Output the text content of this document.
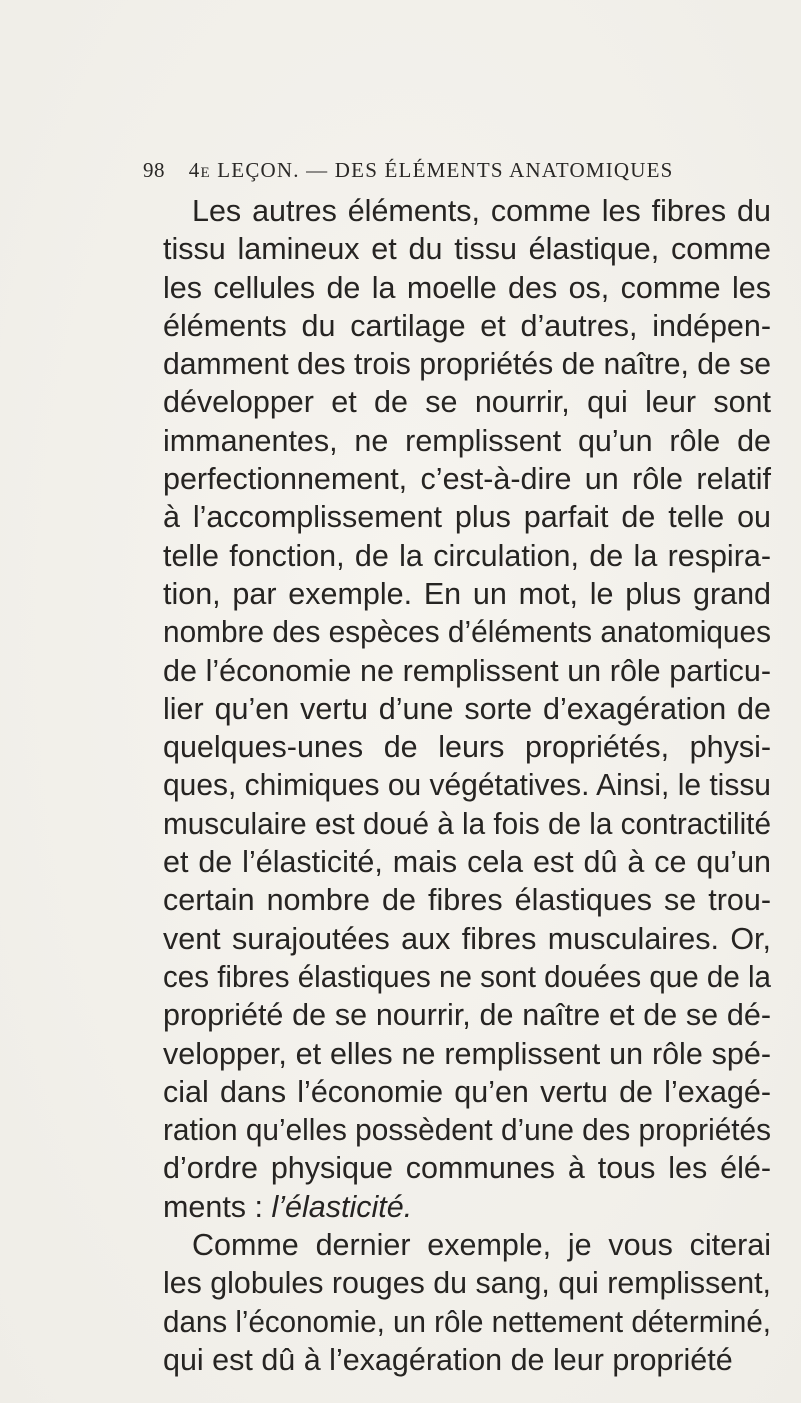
98 4e LEÇON. — DES ÉLÉMENTS ANATOMIQUES
Les autres éléments, comme les fibres du
tissu lamineux et du tissu élastique, comme
les cellules de la moelle des os, comme les
éléments du cartilage et d’autres, indépen-
damment des trois propriétés de naître, de se
développer et de se nourrir, qui leur sont
immanentes, ne remplissent qu’un rôle de
perfectionnement, c’est-à-dire un rôle relatif
à l’accomplissement plus parfait de telle ou
telle fonction, de la circulation, de la respira-
tion, par exemple. En un mot, le plus grand
nombre des espèces d’éléments anatomiques
de l’économie ne remplissent un rôle particu-
lier qu’en vertu d’une sorte d’exagération de
quelques-unes de leurs propriétés, physi-
ques, chimiques ou végétatives. Ainsi, le tissu
musculaire est doué à la fois de la contractilité
et de l’élasticité, mais cela est dû à ce qu’un
certain nombre de fibres élastiques se trou-
vent surajoutées aux fibres musculaires. Or,
ces fibres élastiques ne sont douées que de la
propriété de se nourrir, de naître et de se dé-
velopper, et elles ne remplissent un rôle spé-
cial dans l’économie qu’en vertu de l’exagé-
ration qu’elles possèdent d’une des propriétés
d’ordre physique communes à tous les élé-
ments : l’élasticité.
Comme dernier exemple, je vous citerai
les globules rouges du sang, qui remplissent,
dans l’économie, un rôle nettement déterminé,
qui est dû à l’exagération de leur propriété
